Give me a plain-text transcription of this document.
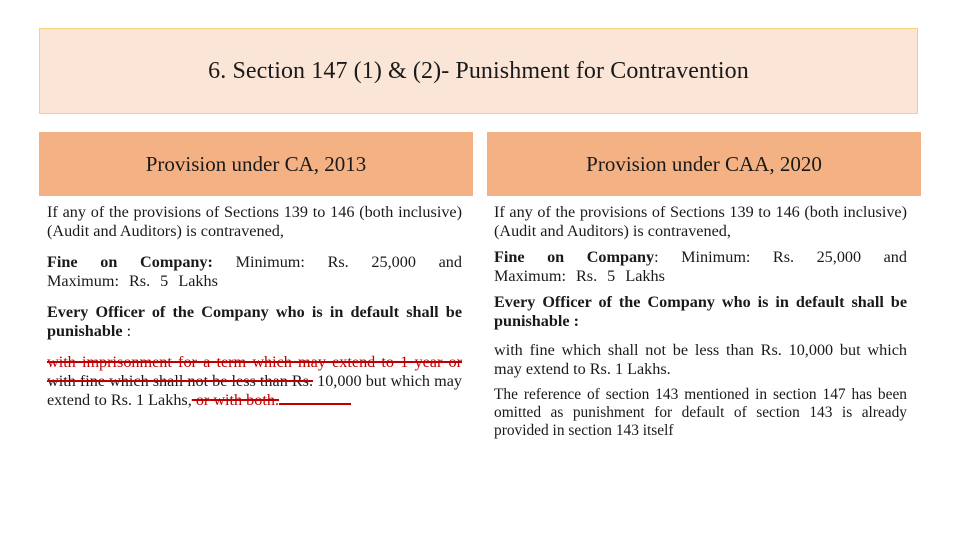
6. Section 147 (1) & (2)- Punishment for Contravention
Provision under CA, 2013	Provision under CAA, 2020

If any of the provisions of Sections 139 to 146 (both inclusive) (Audit and Auditors) is contravened,

Fine on Company: Minimum: Rs. 25,000 and Maximum: Rs. 5 Lakhs

Every Officer of the Company who is in default shall be punishable :

with imprisonment for a term which may extend to 1 year or with fine which shall not be less than Rs. 10,000 but which may extend to Rs. 1 Lakhs, or with both.

If any of the provisions of Sections 139 to 146 (both inclusive) (Audit and Auditors) is contravened,

Fine on Company: Minimum: Rs. 25,000 and Maximum: Rs. 5 Lakhs

Every Officer of the Company who is in default shall be punishable :

with fine which shall not be less than Rs. 10,000 but which may extend to Rs. 1 Lakhs.

The reference of section 143 mentioned in section 147 has been omitted as punishment for default of section 143 is already provided in section 143 itself
